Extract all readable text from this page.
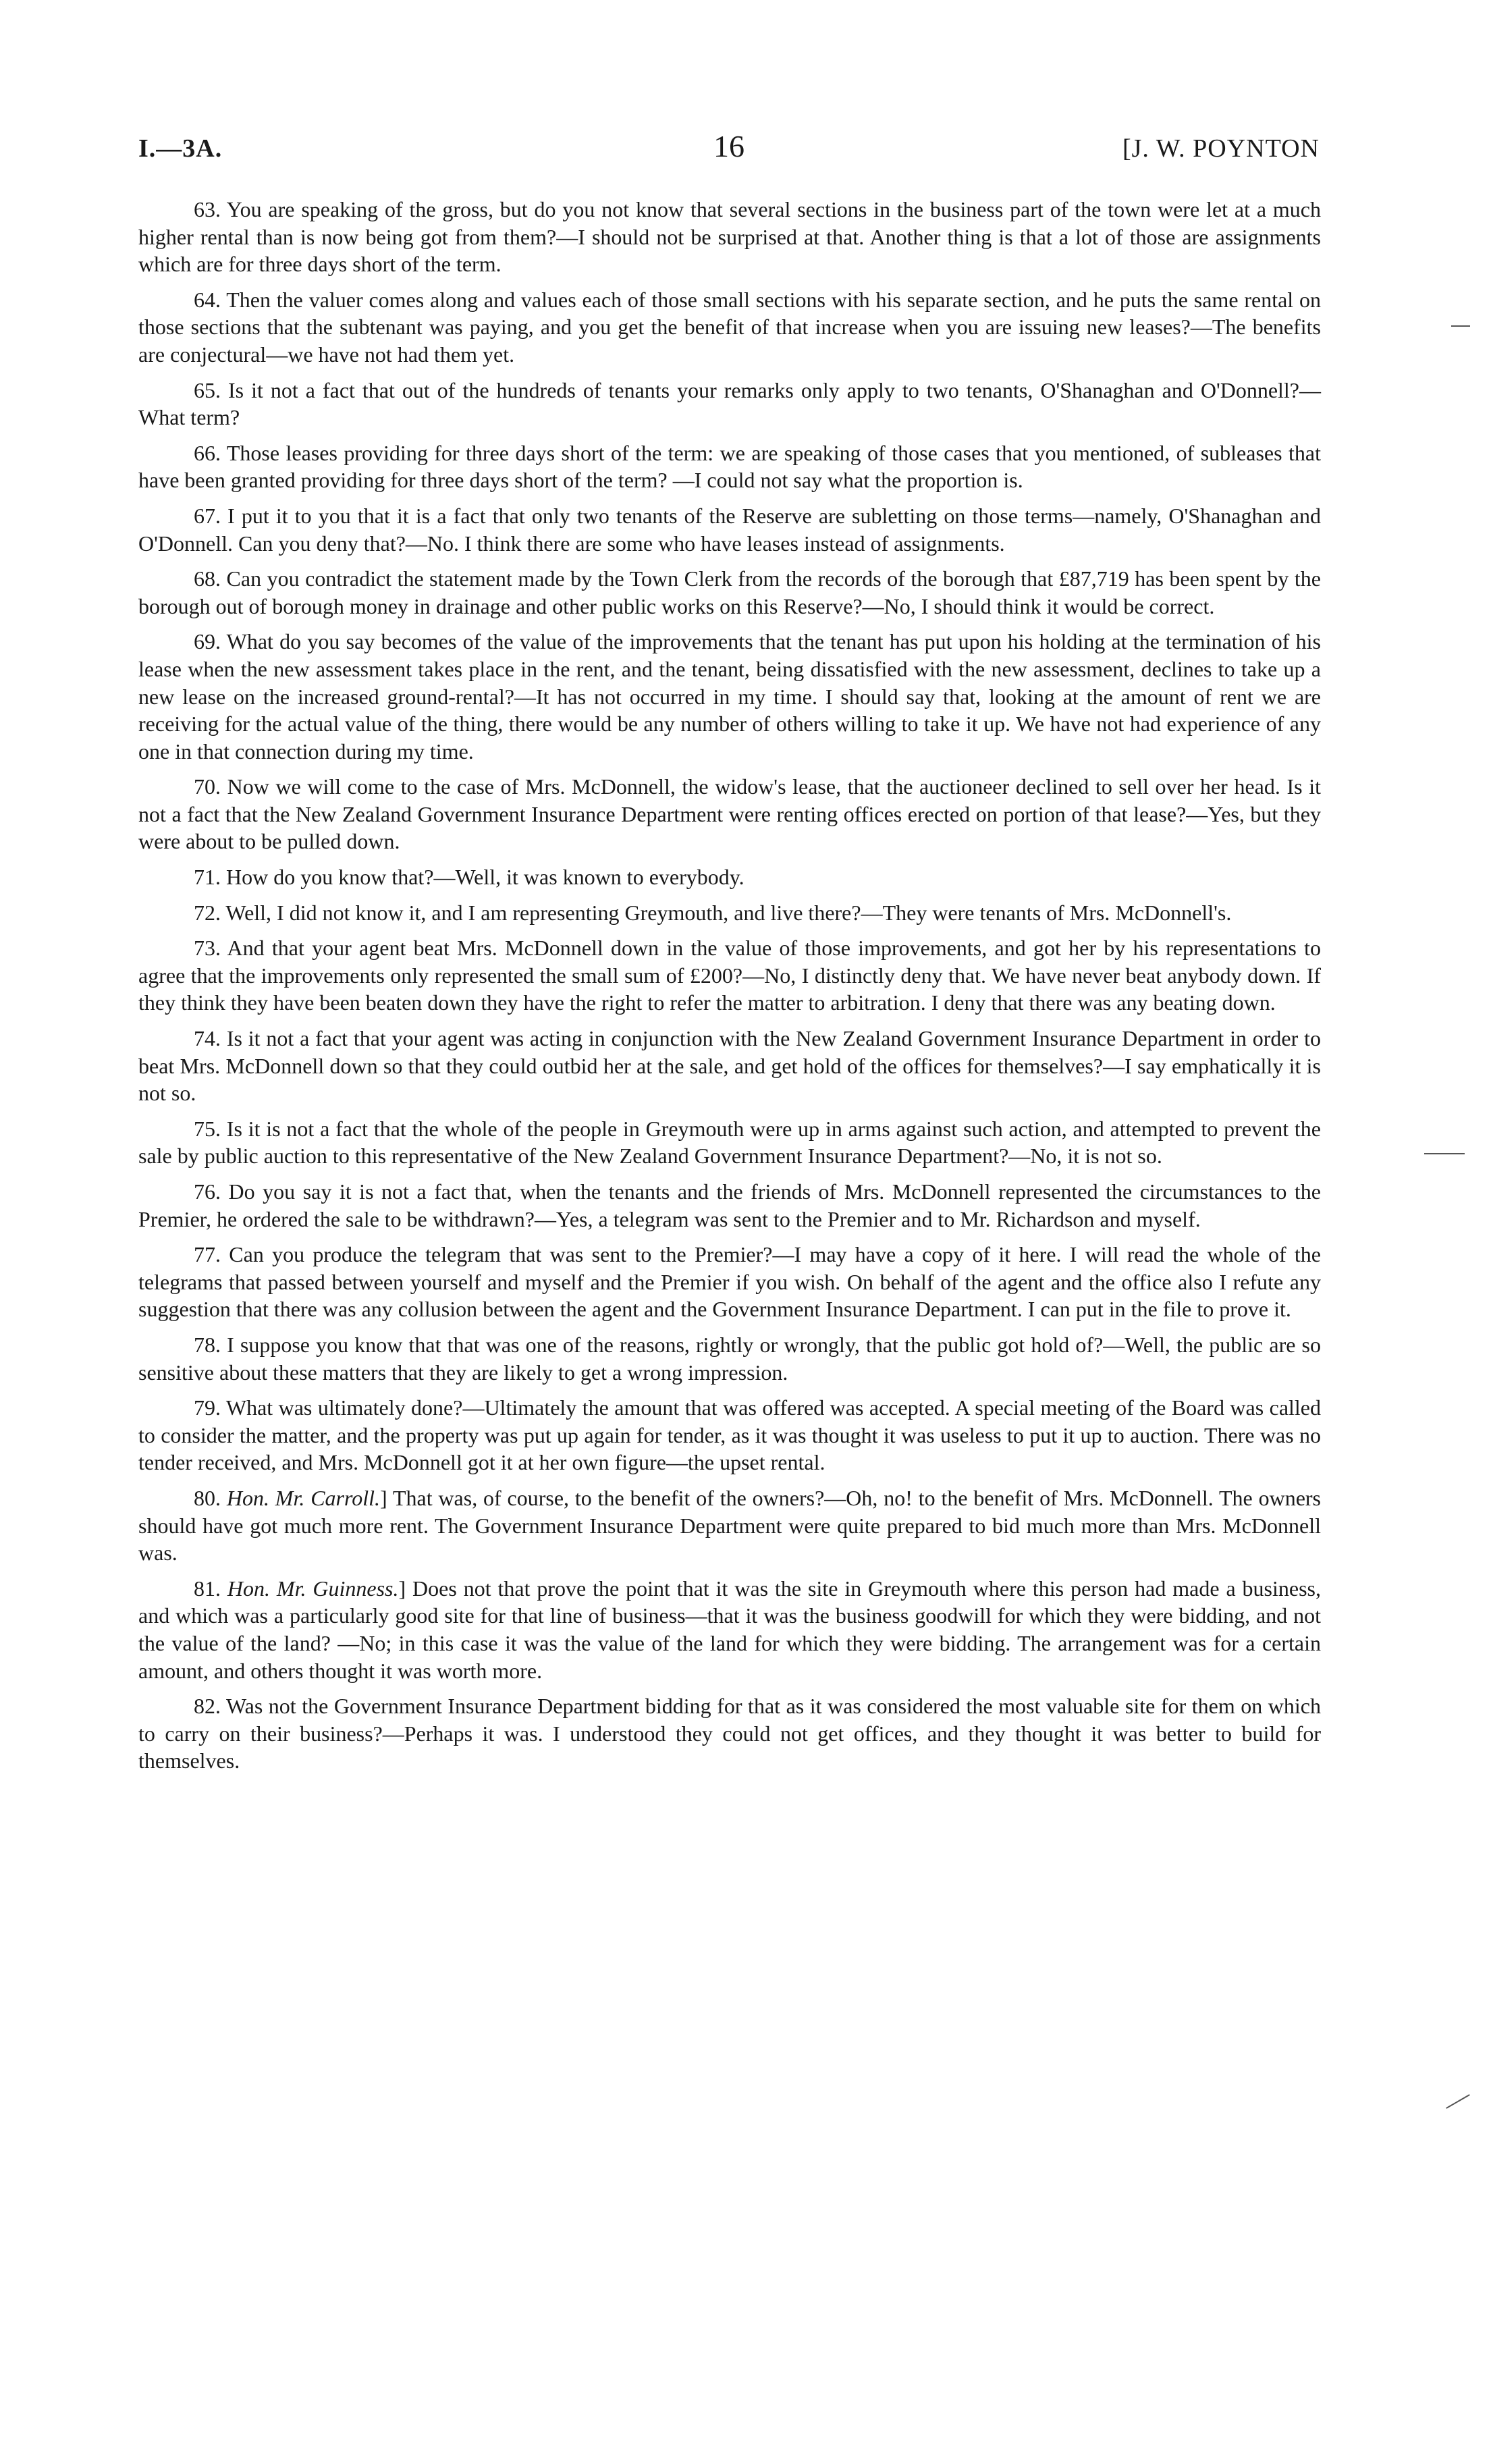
I.—3A.	16	[J. W. POYNTON

63. You are speaking of the gross, but do you not know that several sections in the business part of the town were let at a much higher rental than is now being got from them?—I should not be surprised at that. Another thing is that a lot of those are assignments which are for three days short of the term.

64. Then the valuer comes along and values each of those small sections with his separate section, and he puts the same rental on those sections that the subtenant was paying, and you get the benefit of that increase when you are issuing new leases?—The benefits are conjectural—we have not had them yet.

65. Is it not a fact that out of the hundreds of tenants your remarks only apply to two tenants, O'Shanaghan and O'Donnell?—What term?

66. Those leases providing for three days short of the term: we are speaking of those cases that you mentioned, of subleases that have been granted providing for three days short of the term? —I could not say what the proportion is.

67. I put it to you that it is a fact that only two tenants of the Reserve are subletting on those terms—namely, O'Shanaghan and O'Donnell. Can you deny that?—No. I think there are some who have leases instead of assignments.

68. Can you contradict the statement made by the Town Clerk from the records of the borough that £87,719 has been spent by the borough out of borough money in drainage and other public works on this Reserve?—No, I should think it would be correct.

69. What do you say becomes of the value of the improvements that the tenant has put upon his holding at the termination of his lease when the new assessment takes place in the rent, and the tenant, being dissatisfied with the new assessment, declines to take up a new lease on the increased ground-rental?—It has not occurred in my time. I should say that, looking at the amount of rent we are receiving for the actual value of the thing, there would be any number of others willing to take it up. We have not had experience of any one in that connection during my time.

70. Now we will come to the case of Mrs. McDonnell, the widow's lease, that the auctioneer declined to sell over her head. Is it not a fact that the New Zealand Government Insurance Department were renting offices erected on portion of that lease?—Yes, but they were about to be pulled down.

71. How do you know that?—Well, it was known to everybody.

72. Well, I did not know it, and I am representing Greymouth, and live there?—They were tenants of Mrs. McDonnell's.

73. And that your agent beat Mrs. McDonnell down in the value of those improvements, and got her by his representations to agree that the improvements only represented the small sum of £200?—No, I distinctly deny that. We have never beat anybody down. If they think they have been beaten down they have the right to refer the matter to arbitration. I deny that there was any beating down.

74. Is it not a fact that your agent was acting in conjunction with the New Zealand Government Insurance Department in order to beat Mrs. McDonnell down so that they could outbid her at the sale, and get hold of the offices for themselves?—I say emphatically it is not so.

75. Is it is not a fact that the whole of the people in Greymouth were up in arms against such action, and attempted to prevent the sale by public auction to this representative of the New Zealand Government Insurance Department?—No, it is not so.

76. Do you say it is not a fact that, when the tenants and the friends of Mrs. McDonnell represented the circumstances to the Premier, he ordered the sale to be withdrawn?—Yes, a telegram was sent to the Premier and to Mr. Richardson and myself.

77. Can you produce the telegram that was sent to the Premier?—I may have a copy of it here. I will read the whole of the telegrams that passed between yourself and myself and the Premier if you wish. On behalf of the agent and the office also I refute any suggestion that there was any collusion between the agent and the Government Insurance Department. I can put in the file to prove it.

78. I suppose you know that that was one of the reasons, rightly or wrongly, that the public got hold of?—Well, the public are so sensitive about these matters that they are likely to get a wrong impression.

79. What was ultimately done?—Ultimately the amount that was offered was accepted. A special meeting of the Board was called to consider the matter, and the property was put up again for tender, as it was thought it was useless to put it up to auction. There was no tender received, and Mrs. McDonnell got it at her own figure—the upset rental.

80. Hon. Mr. Carroll.] That was, of course, to the benefit of the owners?—Oh, no! to the benefit of Mrs. McDonnell. The owners should have got much more rent. The Government Insurance Department were quite prepared to bid much more than Mrs. McDonnell was.

81. Hon. Mr. Guinness.] Does not that prove the point that it was the site in Greymouth where this person had made a business, and which was a particularly good site for that line of business—that it was the business goodwill for which they were bidding, and not the value of the land? —No; in this case it was the value of the land for which they were bidding. The arrangement was for a certain amount, and others thought it was worth more.

82. Was not the Government Insurance Department bidding for that as it was considered the most valuable site for them on which to carry on their business?—Perhaps it was. I understood they could not get offices, and they thought it was better to build for themselves.
